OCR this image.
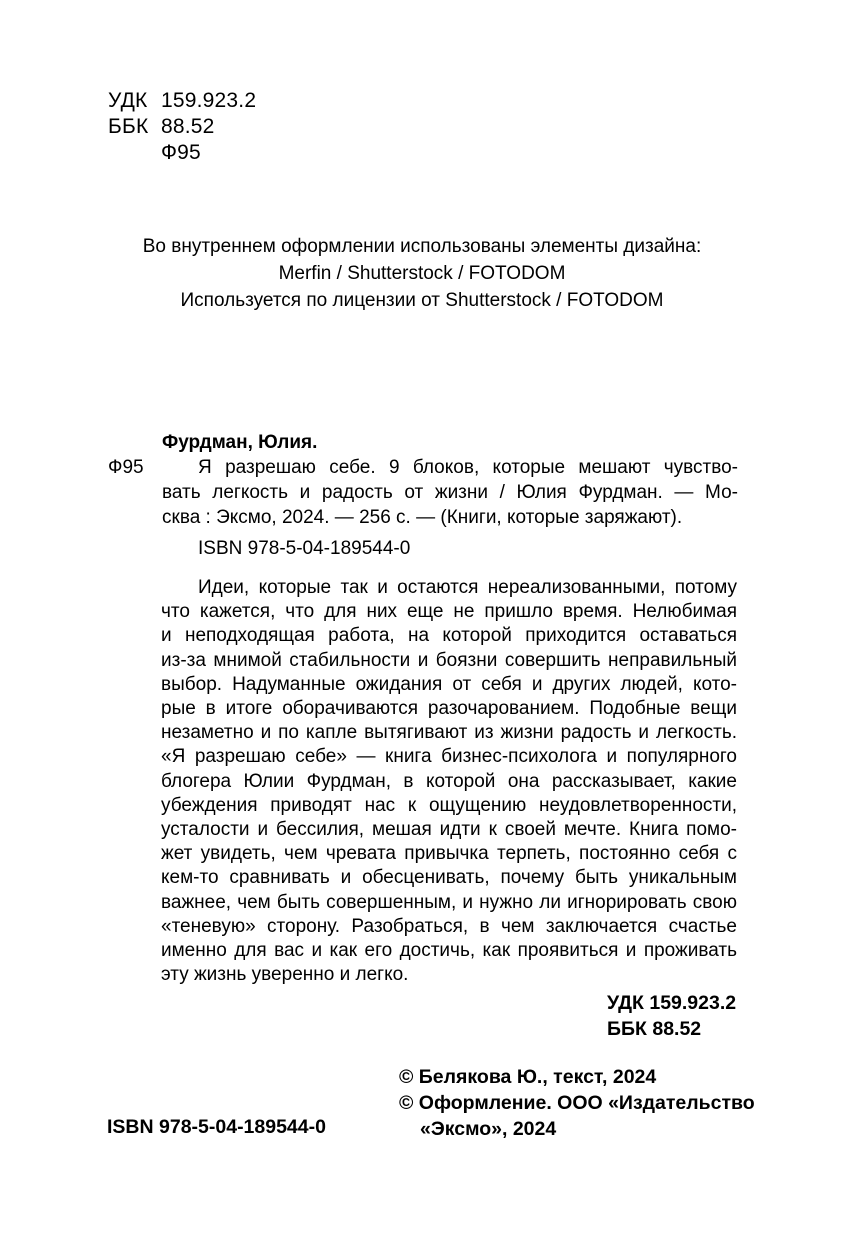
УДК 159.923.2
ББК 88.52
Ф95
Во внутреннем оформлении использованы элементы дизайна:
Merfin / Shutterstock / FOTODOM
Используется по лицензии от Shutterstock / FOTODOM
Фурдман, Юлия.
Ф95	Я разрешаю себе. 9 блоков, которые мешают чувство-
вать легкость и радость от жизни / Юлия Фурдман. — Мо-
сква : Эксмо, 2024. — 256 с. — (Книги, которые заряжают).
ISBN 978-5-04-189544-0
Идеи, которые так и остаются нереализованными, потому
что кажется, что для них еще не пришло время. Нелюбимая
и неподходящая работа, на которой приходится оставаться
из-за мнимой стабильности и боязни совершить неправильный
выбор. Надуманные ожидания от себя и других людей, кото-
рые в итоге оборачиваются разочарованием. Подобные вещи
незаметно и по капле вытягивают из жизни радость и легкость.
«Я разрешаю себе» — книга бизнес-психолога и популярного
блогера Юлии Фурдман, в которой она рассказывает, какие
убеждения приводят нас к ощущению неудовлетворенности,
усталости и бессилия, мешая идти к своей мечте. Книга помо-
жет увидеть, чем чревата привычка терпеть, постоянно себя с
кем-то сравнивать и обесценивать, почему быть уникальным
важнее, чем быть совершенным, и нужно ли игнорировать свою
«теневую» сторону. Разобраться, в чем заключается счастье
именно для вас и как его достичь, как проявиться и проживать
эту жизнь уверенно и легко.
УДК 159.923.2
ББК 88.52
© Белякова Ю., текст, 2024
© Оформление. ООО «Издательство
«Эксмо», 2024
ISBN 978-5-04-189544-0
